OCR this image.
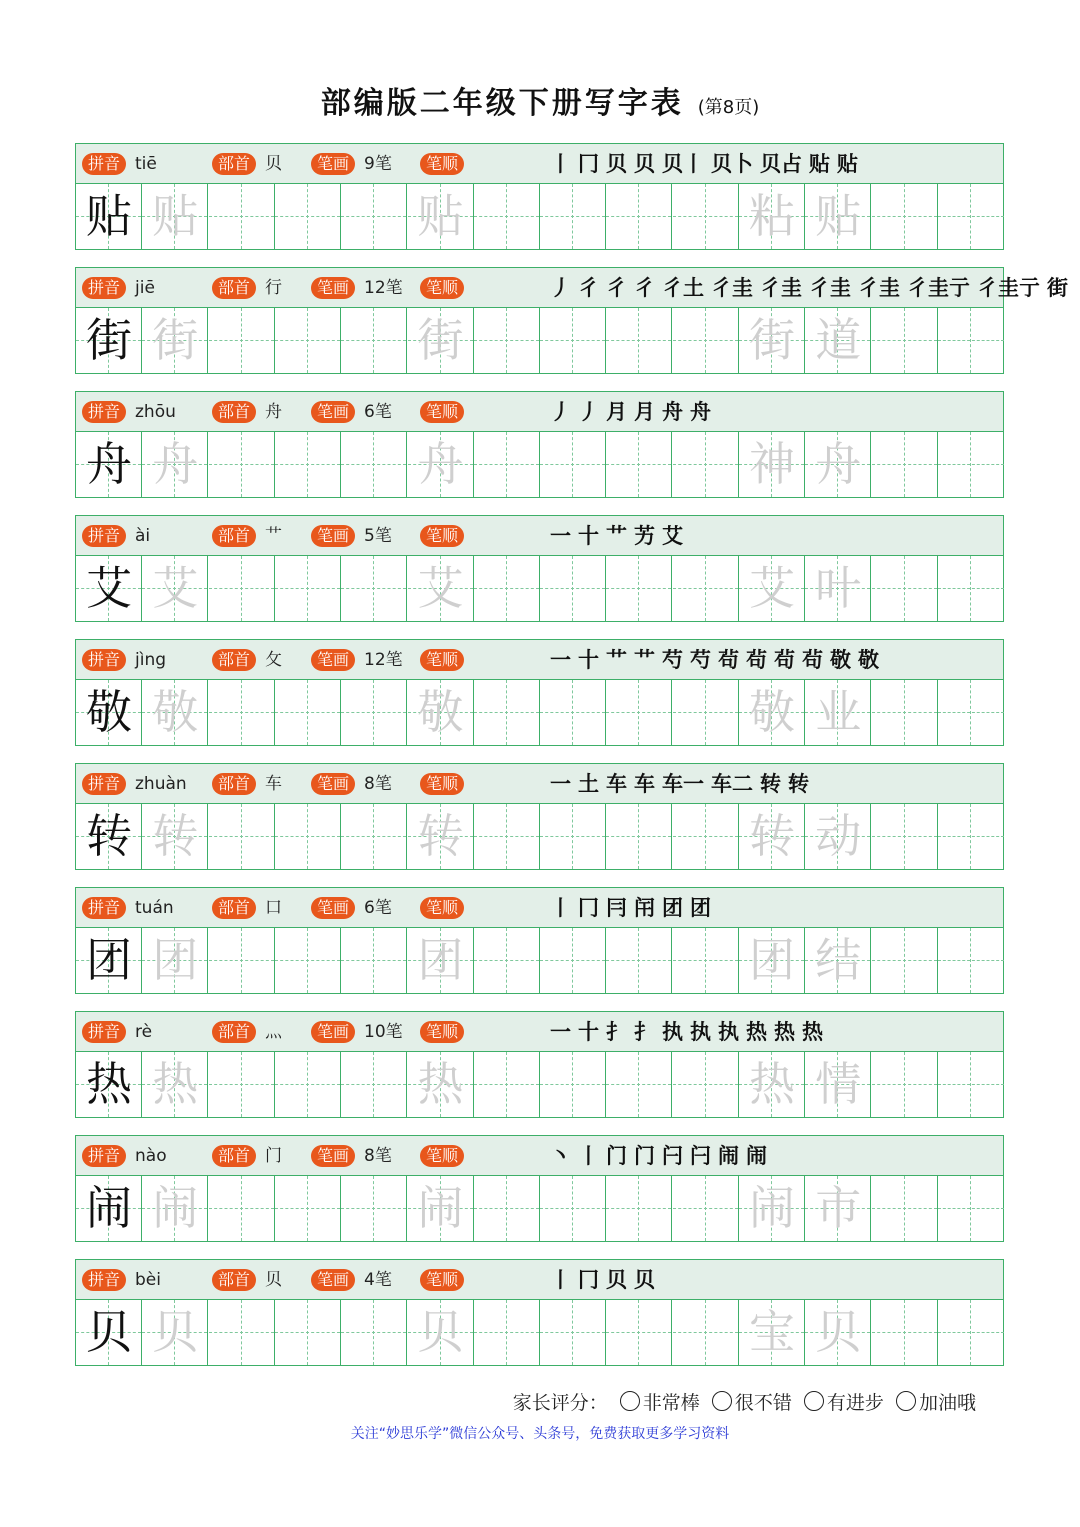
部编版二年级下册写字表 (第8页)
拼音 tiē	部首 贝	笔画 9笔	笔顺	丨 冂 贝 贝 贝丨 贝卜 贝占 贴 贴
贴 贴	贴	粘 贴
拼音 jiē	部首 行	笔画 12笔	笔顺	丿 彳 彳 彳 彳土 彳圭 彳圭 彳圭 彳圭 彳圭亍 彳圭亍 街
街 街	街	街 道
拼音 zhōu	部首 舟	笔画 6笔	笔顺	丿 丿 月 月 舟 舟
舟 舟	舟	神 舟
拼音 ài	部首 艹	笔画 5笔	笔顺	一 十 艹 艻 艾
艾 艾	艾	艾 叶
拼音 jìng	部首 攵	笔画 12笔	笔顺	一 十 艹 艹 芍 芍 茍 茍 茍 茍 敬 敬
敬 敬	敬	敬 业
拼音 zhuàn	部首 车	笔画 8笔	笔顺	一 土 车 车 车一 车二 转 转
转 转	转	转 动
拼音 tuán	部首 口	笔画 6笔	笔顺	丨 冂 冃 闬 团 团
团 团	团	团 结
拼音 rè	部首 灬	笔画 10笔	笔顺	一 十 扌 扌 执 执 执 热 热 热
热 热	热	热 情
拼音 nào	部首 门	笔画 8笔	笔顺	丶 丨 门 门 闩 闩 闹 闹
闹 闹	闹	闹 市
拼音 bèi	部首 贝	笔画 4笔	笔顺	丨 冂 贝 贝
贝 贝	贝	宝 贝
家长评分： 非常棒 很不错 有进步 加油哦
关注“妙思乐学”微信公众号、头条号，免费获取更多学习资料
